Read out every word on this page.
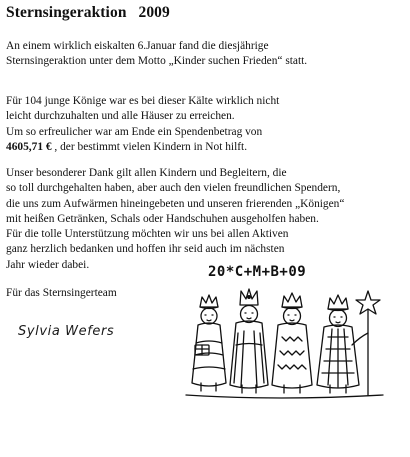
Sternsingeraktion   2009
An einem wirklich eiskalten 6.Januar fand die diesjährige
Sternsingeraktion unter dem Motto „Kinder suchen Frieden“ statt.
Für 104 junge Könige war es bei dieser Kälte wirklich nicht
leicht durchzuhalten und alle Häuser zu erreichen.
Um so erfreulicher war am Ende ein Spendenbetrag von
4605,71 € , der bestimmt vielen Kindern in Not hilft.
Unser besonderer Dank gilt allen Kindern und Begleitern, die
so toll durchgehalten haben, aber auch den vielen freundlichen Spendern,
die uns zum Aufwärmen hineingebeten und unseren frierenden „Königen“
mit heißen Getränken, Schals oder Handschuhen ausgeholfen haben.
Für die tolle Unterstützung möchten wir uns bei allen Aktiven
ganz herzlich bedanken und hoffen ihr seid auch im nächsten
Jahr wieder dabei.
Für das Sternsingerteam
Sylvia Wefers
20*C+M+B+09
